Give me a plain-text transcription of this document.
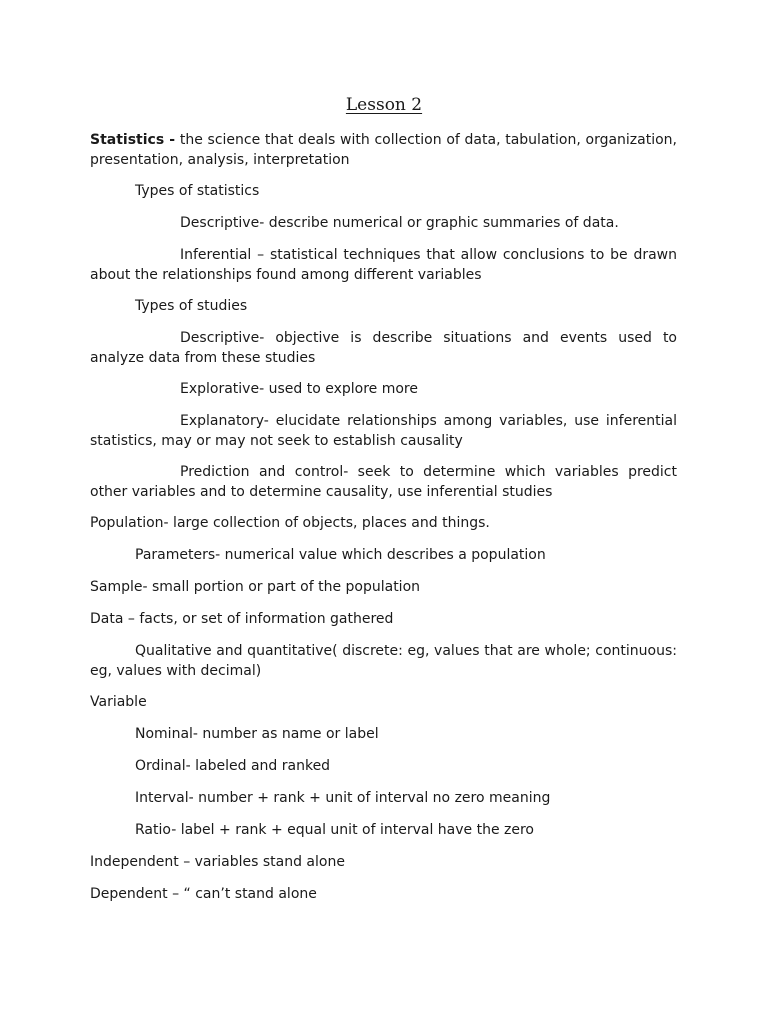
Lesson 2

Statistics - the science that deals with collection of data, tabulation, organization, presentation, analysis, interpretation

Types of statistics

Descriptive- describe numerical or graphic summaries of data.

Inferential – statistical techniques that allow conclusions to be drawn about the relationships found among different variables

Types of studies

Descriptive- objective is describe situations and events used to analyze data from these studies

Explorative- used to explore more

Explanatory- elucidate relationships among variables, use inferential statistics, may or may not seek to establish causality

Prediction and control- seek to determine which variables predict other variables and to determine causality, use inferential studies

Population- large collection of objects, places and things.

Parameters- numerical value which describes a population

Sample- small portion or part of the population

Data – facts, or set of information gathered

Qualitative and quantitative( discrete: eg, values that are whole; continuous: eg, values with decimal)

Variable

Nominal- number as name or label

Ordinal- labeled and ranked

Interval- number + rank + unit of interval no zero meaning

Ratio- label + rank + equal unit of interval have the zero

Independent – variables stand alone

Dependent – “ can’t stand alone
